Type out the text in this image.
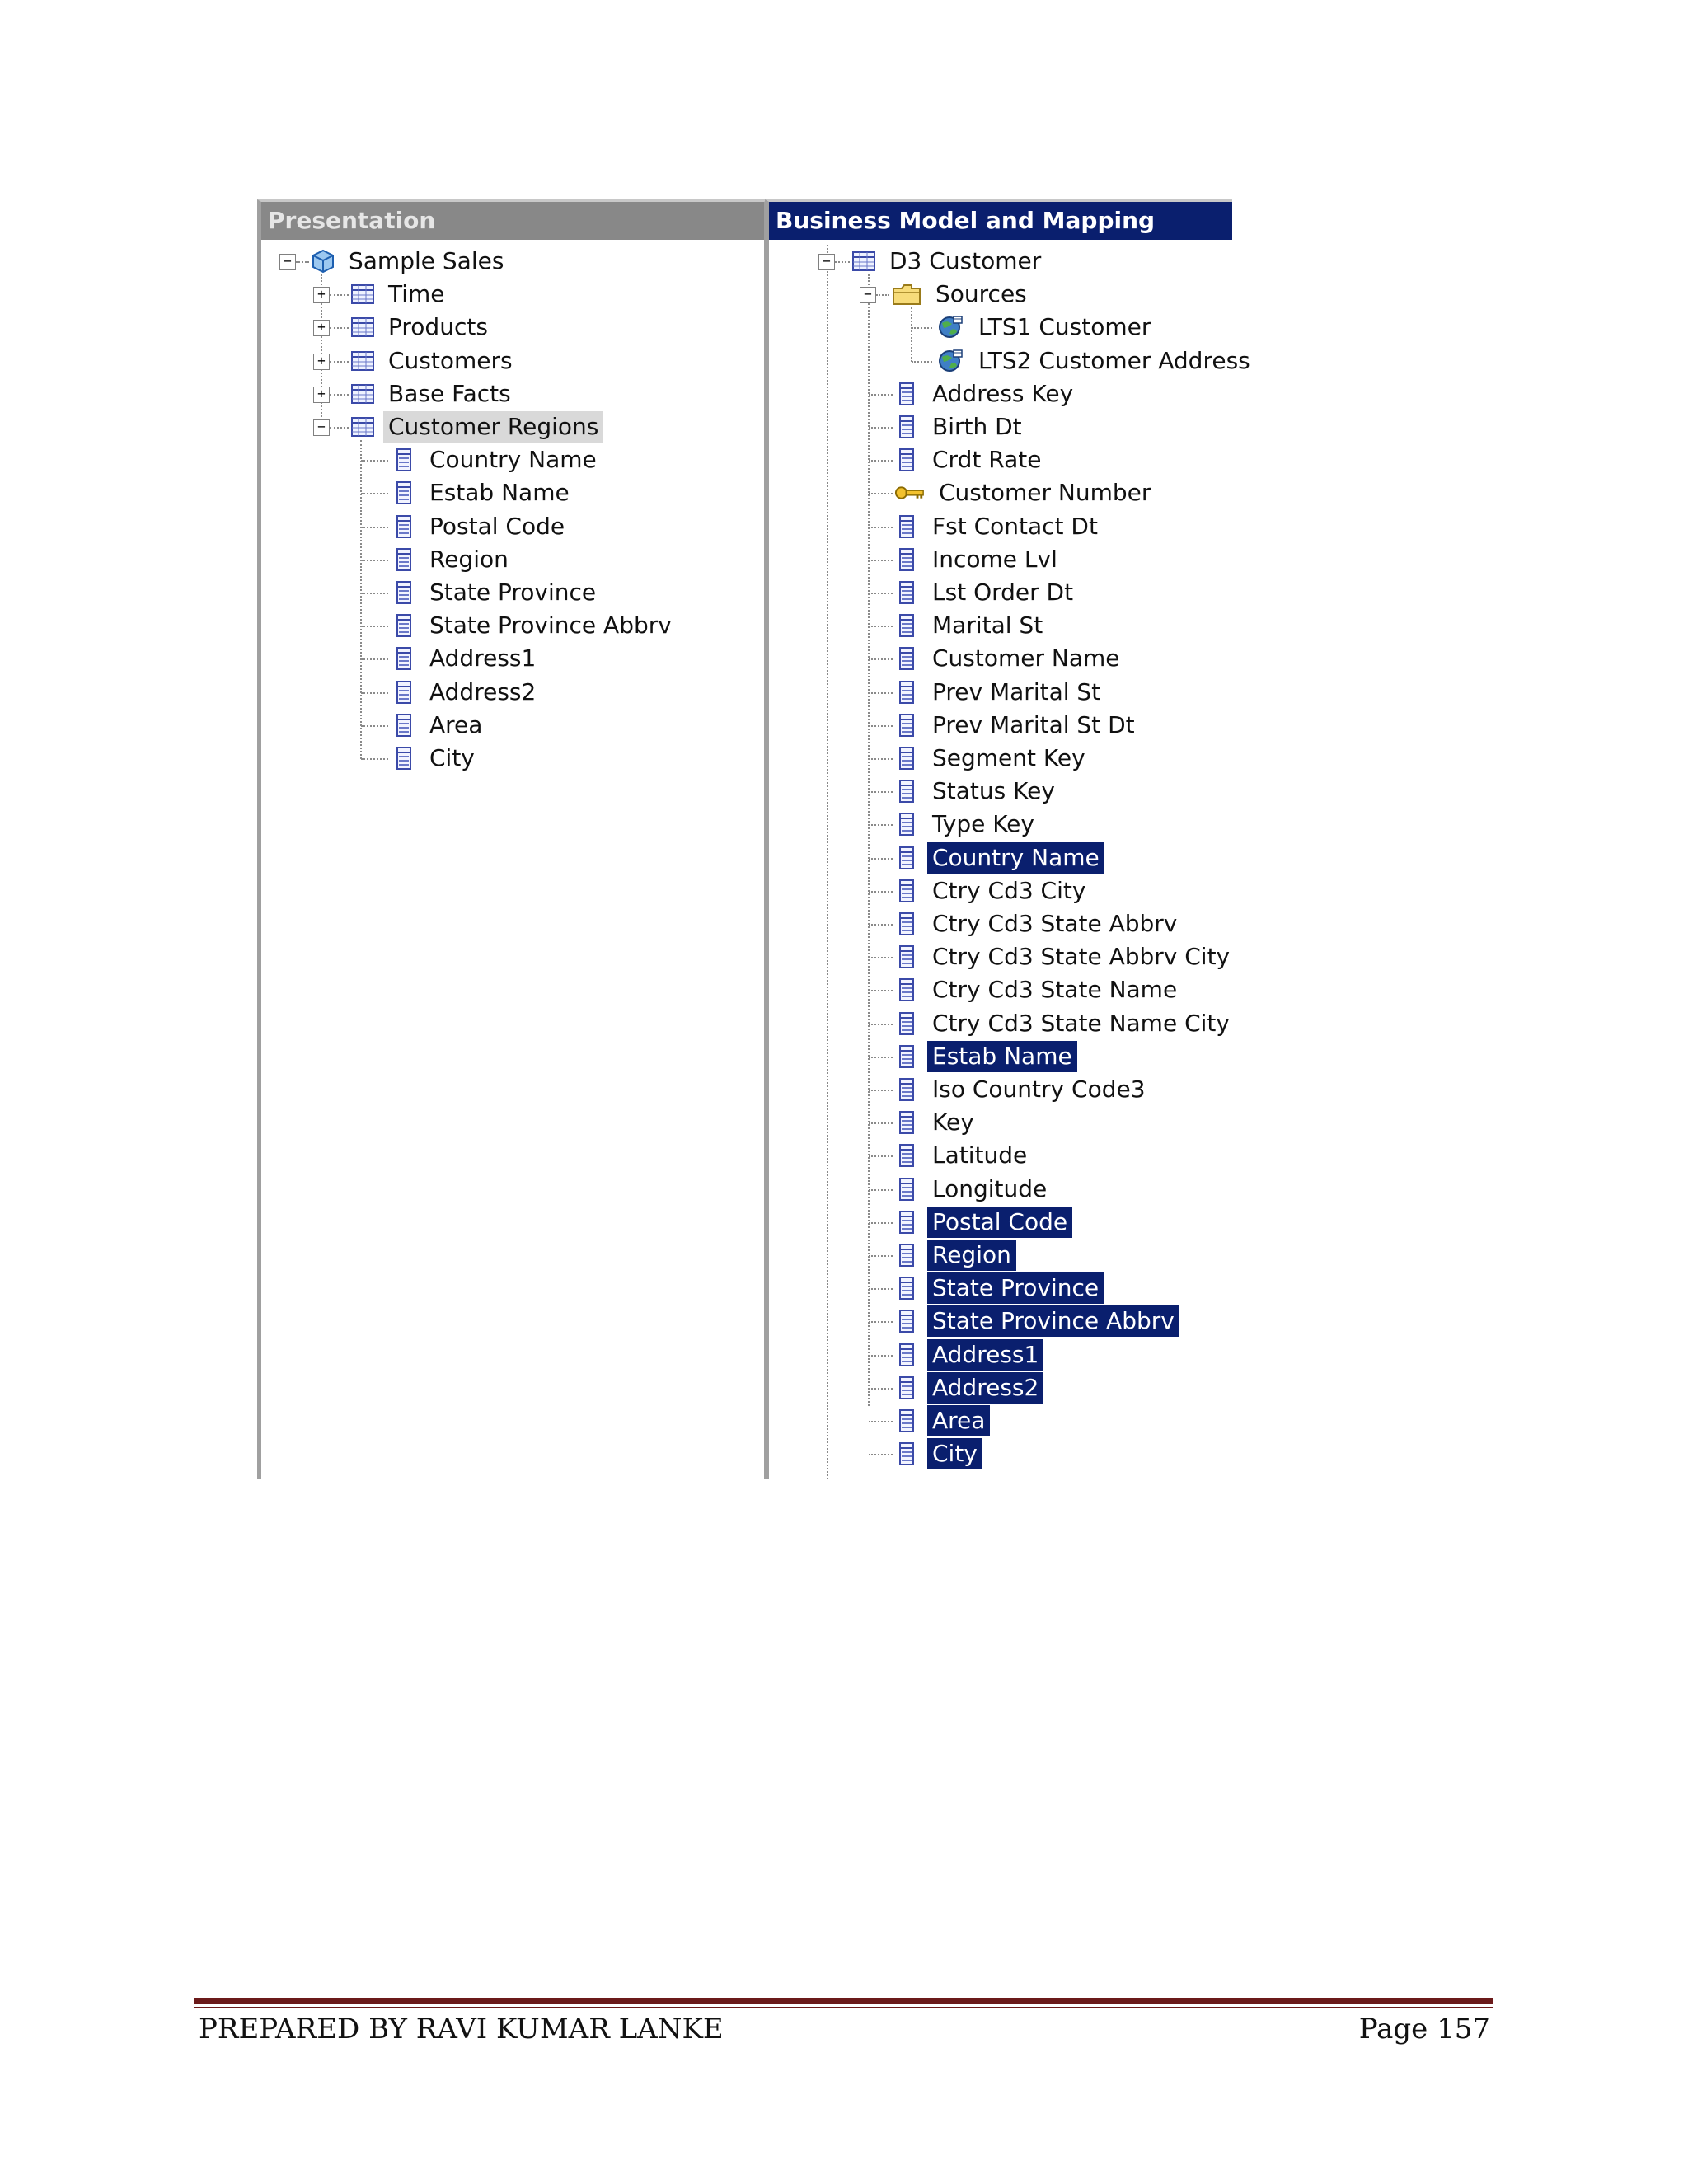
Presentation
− Sample Sales
+	Time
+	Products
+	Customers
+	Base Facts
−	Customer Regions
Country Name
Estab Name
Postal Code
Region
State Province
State Province Abbrv
Address1
Address2
Area
City
Business Model and Mapping
−	D3 Customer
−	Sources
LTS1 Customer
LTS2 Customer Address
Address Key
Birth Dt
Crdt Rate
Customer Number
Fst Contact Dt
Income Lvl
Lst Order Dt
Marital St
Customer Name
Prev Marital St
Prev Marital St Dt
Segment Key
Status Key
Type Key
Country Name
Ctry Cd3 City
Ctry Cd3 State Abbrv
Ctry Cd3 State Abbrv City
Ctry Cd3 State Name
Ctry Cd3 State Name City
Estab Name
Iso Country Code3
Key
Latitude
Longitude
Postal Code
Region
State Province
State Province Abbrv
Address1
Address2
Area
City
PREPARED BY RAVI KUMAR LANKE	Page 157
